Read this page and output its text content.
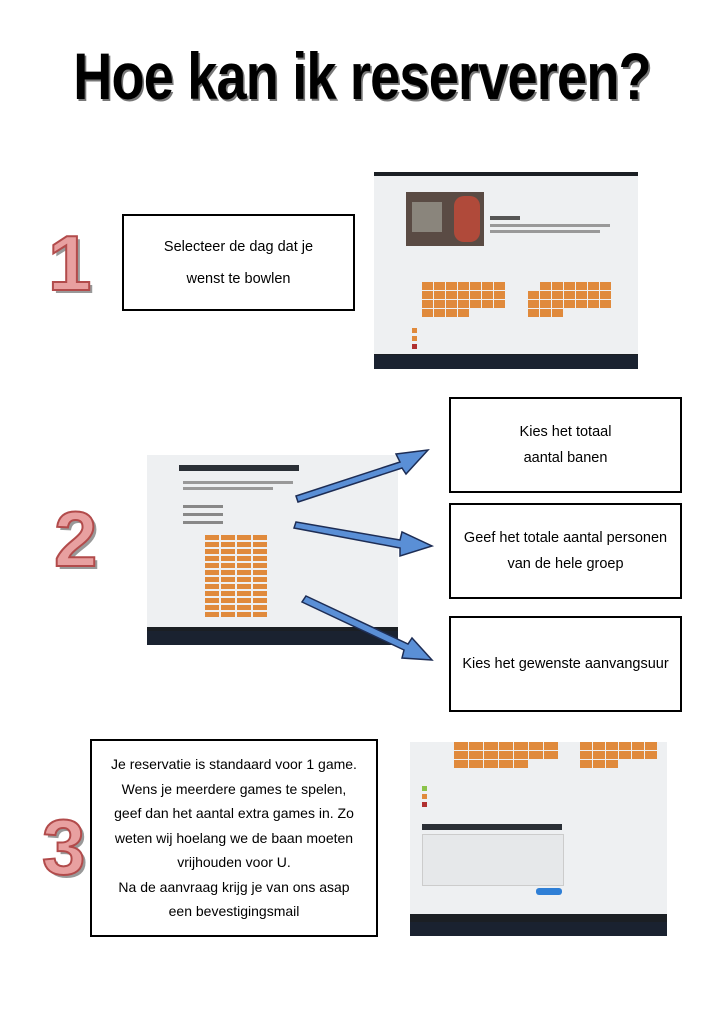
Hoe kan ik reserveren?
1	Selecteer de dag dat je
wenst te bowlen
2
Kies het totaal
aantal banen
Geef het totale aantal personen
van de hele groep
Kies het gewenste aanvangsuur
3
Je reservatie is standaard voor 1 game.
Wens je meerdere games te spelen,
geef dan het aantal extra games in. Zo
weten wij hoelang we de baan moeten
vrijhouden voor U.
Na de aanvraag krijg je van ons asap
een bevestigingsmail
